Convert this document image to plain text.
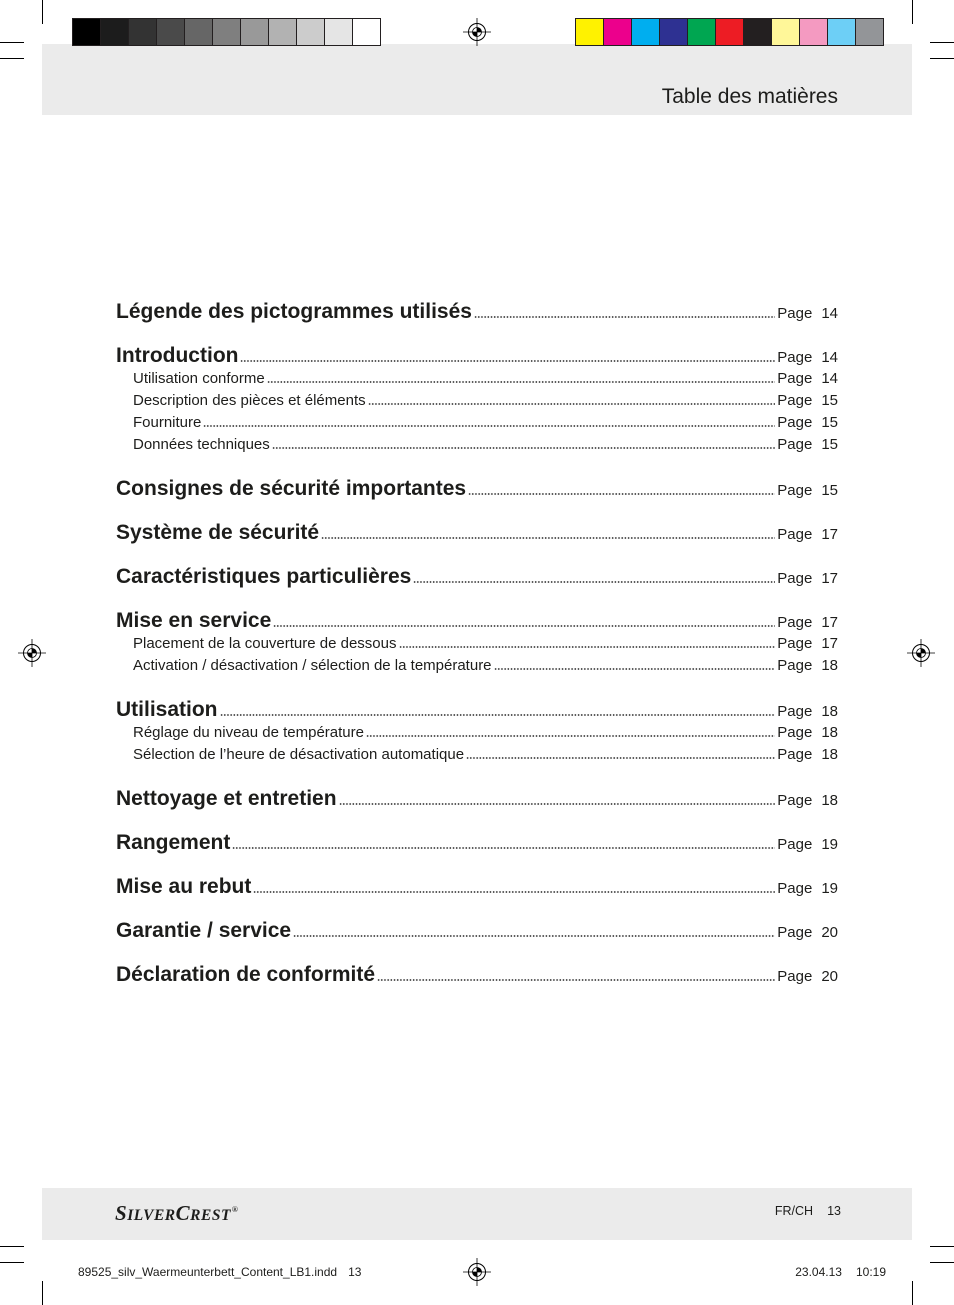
Table des matières
Légende des pictogrammes utilisés	Page 14
Introduction	Page 14
Utilisation conforme	Page 14
Description des pièces et éléments	Page 15
Fourniture	Page 15
Données techniques	Page 15
Consignes de sécurité importantes	Page 15
Système de sécurité	Page 17
Caractéristiques particulières	Page 17
Mise en service	Page 17
Placement de la couverture de dessous	Page 17
Activation / désactivation / sélection de la température	Page 18
Utilisation	Page 18
Réglage du niveau de température	Page 18
Sélection de l’heure de désactivation automatique	Page 18
Nettoyage et entretien	Page 18
Rangement	Page 19
Mise au rebut	Page 19
Garantie / service	Page 20
Déclaration de conformité	Page 20
SILVERCREST®	FR/CH 13
89525_silv_Waermeunterbett_Content_LB1.indd 13	23.04.13 10:19
